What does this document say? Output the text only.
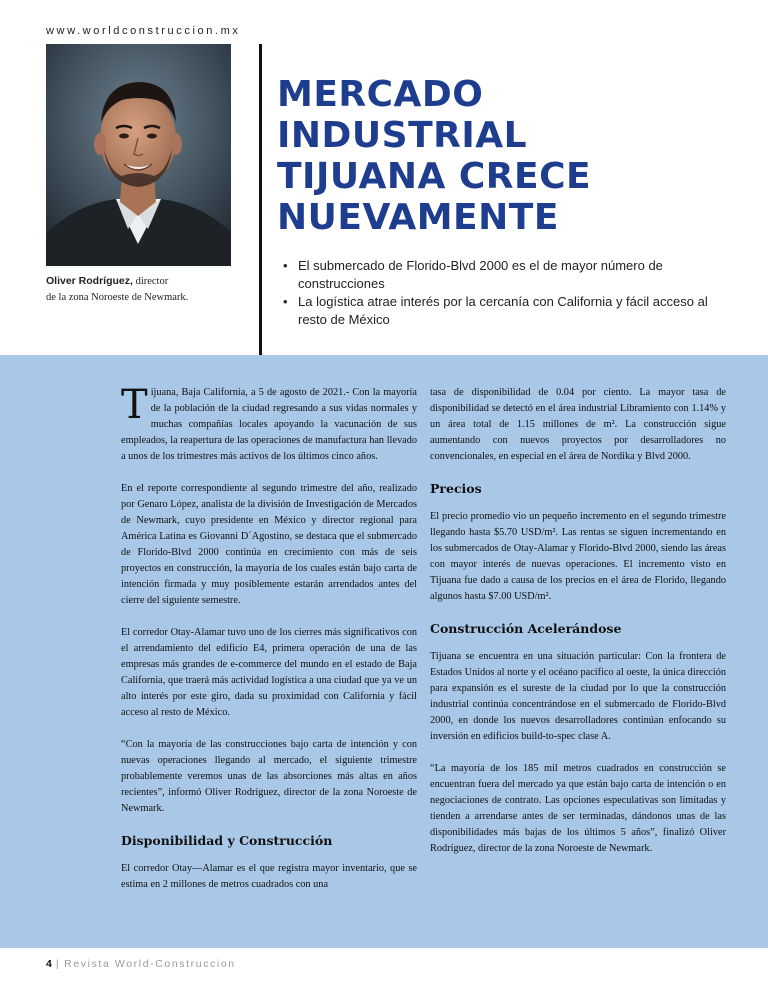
www.worldconstruccion.mx
Oliver Rodríguez, director
de la zona Noroeste de Newmark.
MERCADO
INDUSTRIAL
TIJUANA CRECE
NUEVAMENTE
• El submercado de Florido-Blvd 2000 es el de mayor número de construcciones
• La logística atrae interés por la cercanía con California y fácil acceso al resto de México

Tijuana, Baja California, a 5 de agosto de 2021.- Con la mayoría de la población de la ciudad regresando a sus vidas normales y muchas compañías locales apoyando la vacunación de sus empleados, la reapertura de las operaciones de manufactura han llevado a unos de los trimestres más activos de los últimos cinco años.

En el reporte correspondiente al segundo trimestre del año, realizado por Genaro López, analista de la división de Investigación de Mercados de Newmark, cuyo presidente en México y director regional para América Latina es Giovanni D´Agostino, se destaca que el submercado de Florido-Blvd 2000 continúa en crecimiento con más de seis proyectos en construcción, la mayoría de los cuales están bajo carta de intención firmada y muy posiblemente estarán arrendados antes del cierre del siguiente semestre.

El corredor Otay-Alamar tuvo uno de los cierres más significativos con el arrendamiento del edificio E4, primera operación de una de las empresas más grandes de e-commerce del mundo en el estado de Baja California, que traerá más actividad logística a una ciudad que ya ve un alto interés por este giro, dada su proximidad con California y fácil acceso al resto de México.

“Con la mayoría de las construcciones bajo carta de intención y con nuevas operaciones llegando al mercado, el siguiente trimestre probablemente veremos unas de las absorciones más altas en años recientes”, informó Oliver Rodríguez, director de la zona Noroeste de Newmark.

Disponibilidad y Construcción

El corredor Otay—Alamar es el que registra mayor inventario, que se estima en 2 millones de metros cuadrados con una

tasa de disponibilidad de 0.04 por ciento. La mayor tasa de disponibilidad se detectó en el área industrial Libramiento con 1.14% y un área total de 1.15 millones de m². La construcción sigue aumentando con nuevos proyectos por desarrolladores no convencionales, en especial en el área de Nordika y Blvd 2000.

Precios

El precio promedio vio un pequeño incremento en el segundo trimestre llegando hasta $5.70 USD/m². Las rentas se siguen incrementando en los submercados de Otay-Alamar y Florido-Blvd 2000, siendo las áreas con mayor interés de nuevas operaciones. El incremento visto en Tijuana fue dado a causa de los precios en el área de Florido, llegando algunos hasta $7.00 USD/m².

Construcción Acelerándose

Tijuana se encuentra en una situación particular: Con la frontera de Estados Unidos al norte y el océano pacífico al oeste, la única dirección para expansión es el sureste de la ciudad por lo que la construcción industrial continúa concentrándose en el submercado de Florido-Blvd 2000, en donde los nuevos desarrolladores continúan enfocando su inversión en edificios build-to-spec clase A.

“La mayoría de los 185 mil metros cuadrados en construcción se encuentran fuera del mercado ya que están bajo carta de intención o en negociaciones de contrato. Las opciones especulativas son limitadas y tienden a arrendarse antes de ser terminadas, dándonos unas de las disponibilidades más bajas de los últimos 5 años”, finalizó Oliver Rodríguez, director de la zona Noroeste de Newmark.

4 | Revista World-Construccion
